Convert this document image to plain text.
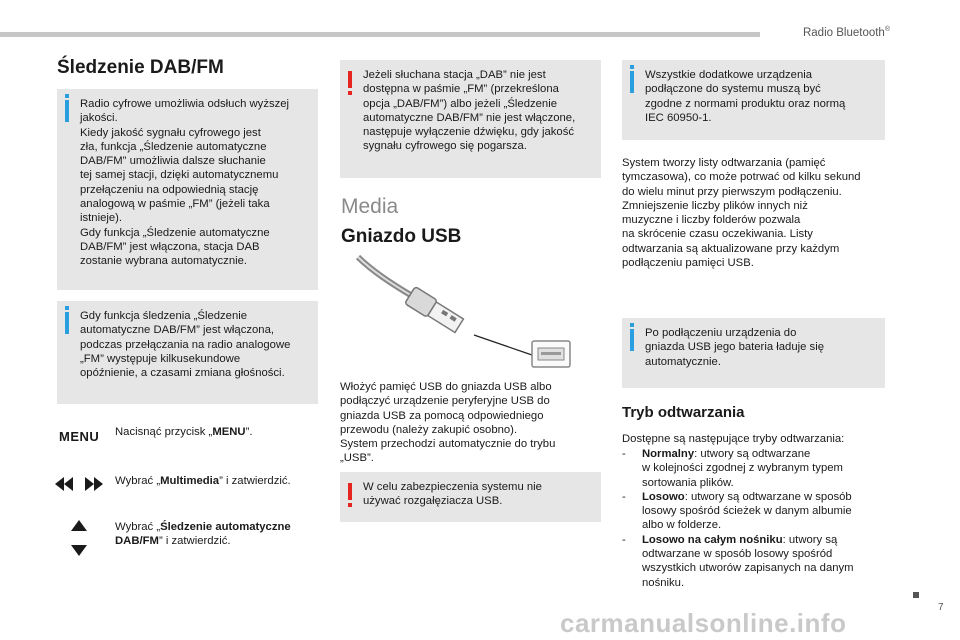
Radio Bluetooth®
Śledzenie DAB/FM
Radio cyfrowe umożliwia odsłuch wyższej
jakości.
Kiedy jakość sygnału cyfrowego jest
zła, funkcja „Śledzenie automatyczne
DAB/FM” umożliwia dalsze słuchanie
tej samej stacji, dzięki automatycznemu
przełączeniu na odpowiednią stację
analogową w paśmie „FM” (jeżeli taka
istnieje).
Gdy funkcja „Śledzenie automatyczne
DAB/FM” jest włączona, stacja DAB
zostanie wybrana automatycznie.
Gdy funkcja śledzenia „Śledzenie
automatyczne DAB/FM” jest włączona,
podczas przełączania na radio analogowe
„FM” występuje kilkusekundowe
opóźnienie, a czasami zmiana głośności.
MENU Nacisnąć przycisk „MENU”.
Wybrać „Multimedia” i zatwierdzić.
Wybrać „Śledzenie automatyczne
DAB/FM” i zatwierdzić.
Jeżeli słuchana stacja „DAB” nie jest
dostępna w paśmie „FM” (przekreślona
opcja „DAB/FM”) albo jeżeli „Śledzenie
automatyczne DAB/FM” nie jest włączone,
następuje wyłączenie dźwięku, gdy jakość
sygnału cyfrowego się pogarsza.
Media
Gniazdo USB
Włożyć pamięć USB do gniazda USB albo
podłączyć urządzenie peryferyjne USB do
gniazda USB za pomocą odpowiedniego
przewodu (należy zakupić osobno).
System przechodzi automatycznie do trybu
„USB”.
W celu zabezpieczenia systemu nie
używać rozgałęziacza USB.
Wszystkie dodatkowe urządzenia
podłączone do systemu muszą być
zgodne z normami produktu oraz normą
IEC 60950-1.
System tworzy listy odtwarzania (pamięć
tymczasowa), co może potrwać od kilku sekund
do wielu minut przy pierwszym podłączeniu.
Zmniejszenie liczby plików innych niż
muzyczne i liczby folderów pozwala
na skrócenie czasu oczekiwania. Listy
odtwarzania są aktualizowane przy każdym
podłączeniu pamięci USB.
Po podłączeniu urządzenia do
gniazda USB jego bateria ładuje się
automatycznie.
Tryb odtwarzania
Dostępne są następujące tryby odtwarzania:
- Normalny: utwory są odtwarzane
w kolejności zgodnej z wybranym typem
sortowania plików.
- Losowo: utwory są odtwarzane w sposób
losowy spośród ścieżek w danym albumie
albo w folderze.
- Losowo na całym nośniku: utwory są
odtwarzane w sposób losowy spośród
wszystkich utworów zapisanych na danym
nośniku.
carmanualsonline.info
7
